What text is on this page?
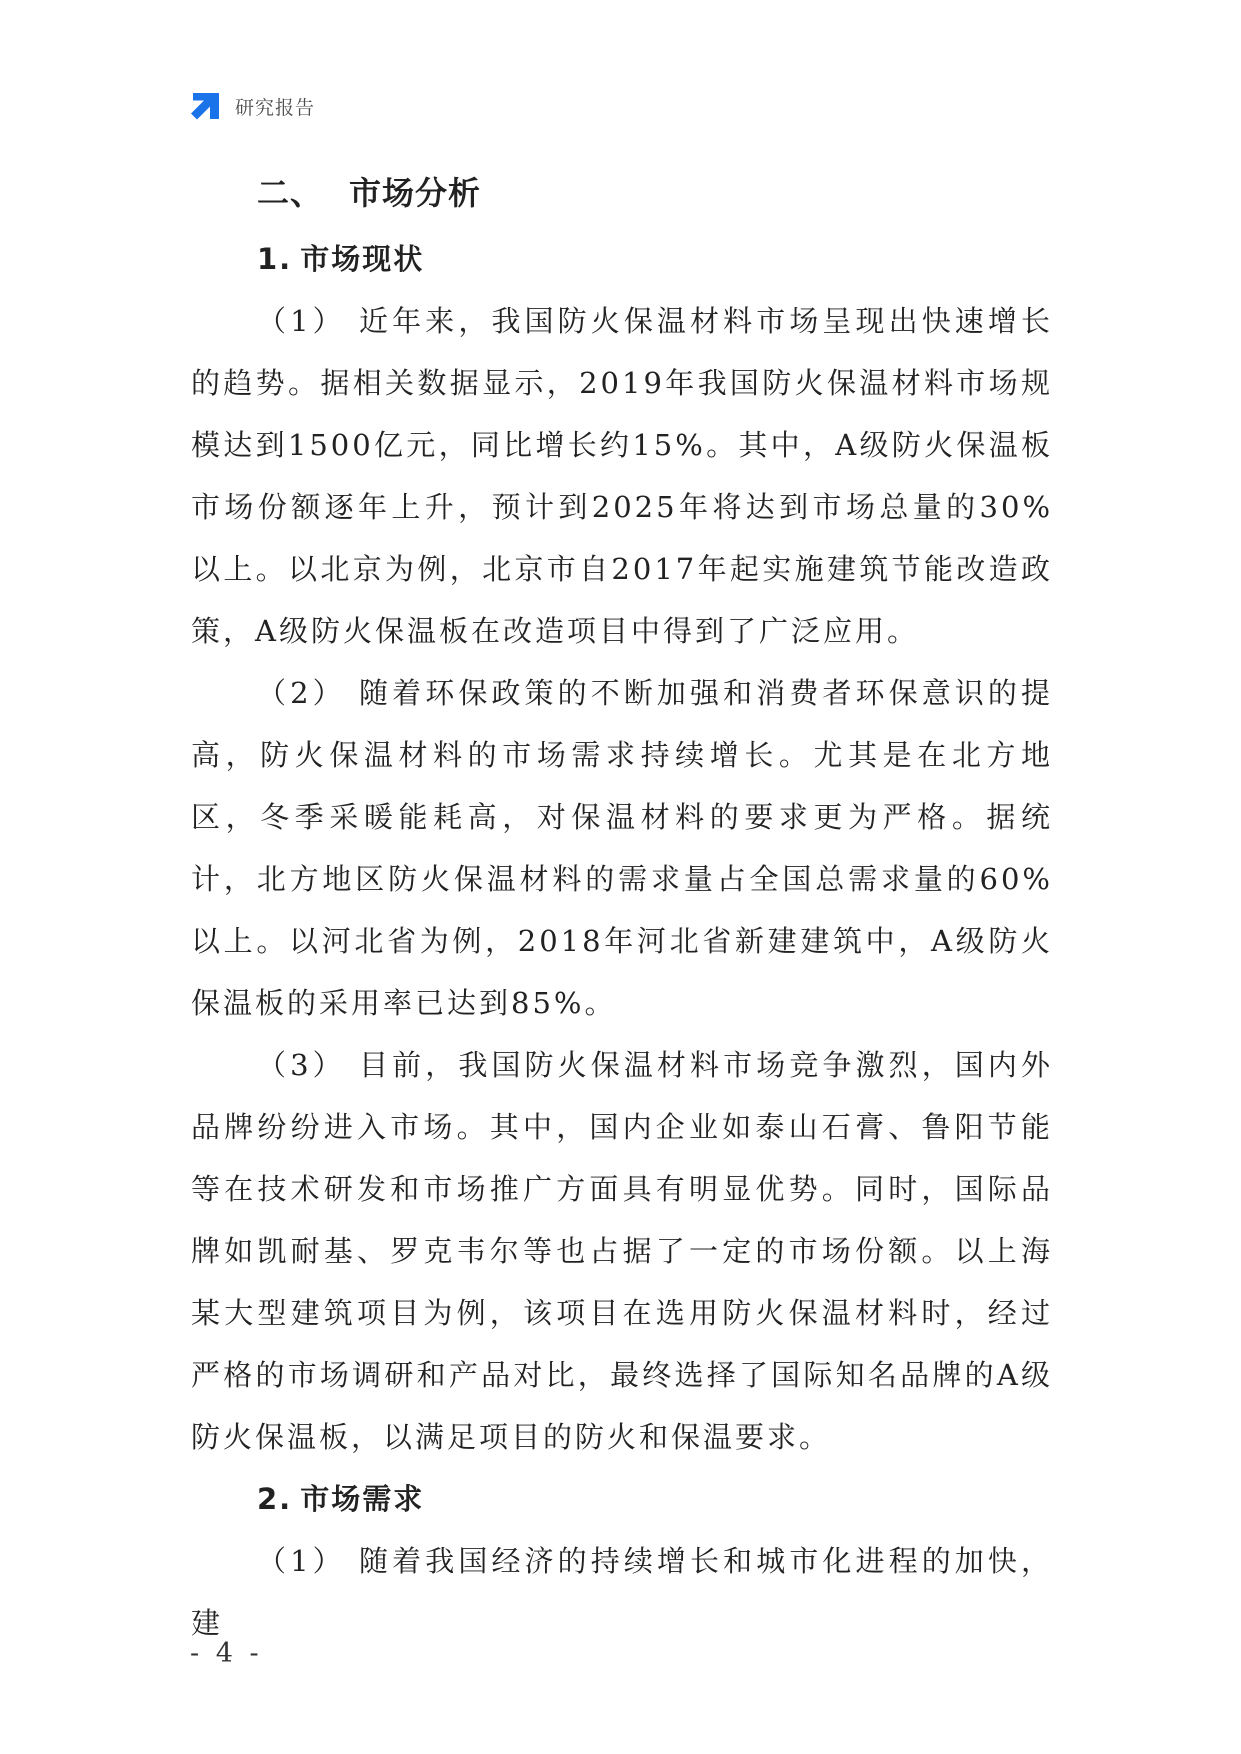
研究报告
二、 市场分析
1. 市场现状

（1） 近年来，我国防火保温材料市场呈现出快速增长的趋势。据相关数据显示，2019年我国防火保温材料市场规模达到1500亿元，同比增长约15%。其中，A级防火保温板市场份额逐年上升，预计到2025年将达到市场总量的30%以上。以北京为例，北京市自2017年起实施建筑节能改造政策，A级防火保温板在改造项目中得到了广泛应用。

（2） 随着环保政策的不断加强和消费者环保意识的提高，防火保温材料的市场需求持续增长。尤其是在北方地区，冬季采暖能耗高，对保温材料的要求更为严格。据统计，北方地区防火保温材料的需求量占全国总需求量的60%以上。以河北省为例，2018年河北省新建建筑中，A级防火保温板的采用率已达到85%。

（3） 目前，我国防火保温材料市场竞争激烈，国内外品牌纷纷进入市场。其中，国内企业如泰山石膏、鲁阳节能等在技术研发和市场推广方面具有明显优势。同时，国际品牌如凯耐基、罗克韦尔等也占据了一定的市场份额。以上海某大型建筑项目为例，该项目在选用防火保温材料时，经过严格的市场调研和产品对比，最终选择了国际知名品牌的A级防火保温板，以满足项目的防火和保温要求。

2. 市场需求

（1） 随着我国经济的持续增长和城市化进程的加快，建

- 4 -
